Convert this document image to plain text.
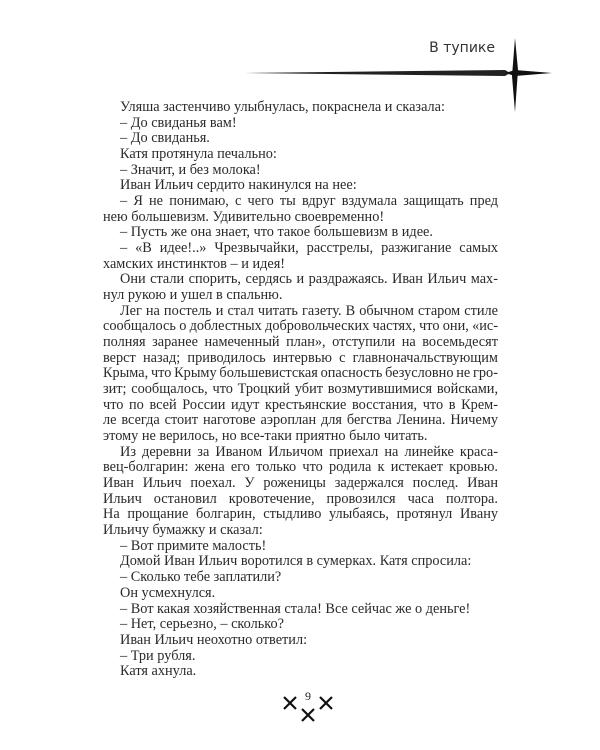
В тупике
Уляша застенчиво улыбнулась, покраснела и сказала:
– До свиданья вам!
– До свиданья.
Катя протянула печально:
– Значит, и без молока!
Иван Ильич сердито накинулся на нее:
– Я не понимаю, с чего ты вдруг вздумала защищать пред
нею большевизм. Удивительно своевременно!
– Пусть же она знает, что такое большевизм в идее.
– «В идее!..» Чрезвычайки, расстрелы, разжигание самых
хамских инстинктов – и идея!
Они стали спорить, сердясь и раздражаясь. Иван Ильич мах-
нул рукою и ушел в спальню.
Лег на постель и стал читать газету. В обычном старом стиле
сообщалось о доблестных добровольческих частях, что они, «ис-
полняя заранее намеченный план», отступили на восемьдесят
верст назад; приводилось интервью с главноначальствующим
Крыма, что Крыму большевистская опасность безусловно не гро-
зит; сообщалось, что Троцкий убит возмутившимися войсками,
что по всей России идут крестьянские восстания, что в Крем-
ле всегда стоит наготове аэроплан для бегства Ленина. Ничему
этому не верилось, но все-таки приятно было читать.
Из деревни за Иваном Ильичом приехал на линейке краса-
вец-болгарин: жена его только что родила к истекает кровью.
Иван Ильич поехал. У роженицы задержался послед. Иван
Ильич остановил кровотечение, провозился часа полтора.
На прощание болгарин, стыдливо улыбаясь, протянул Ивану
Ильичу бумажку и сказал:
– Вот примите малость!
Домой Иван Ильич воротился в сумерках. Катя спросила:
– Сколько тебе заплатили?
Он усмехнулся.
– Вот какая хозяйственная стала! Все сейчас же о деньге!
– Нет, серьезно, – сколько?
Иван Ильич неохотно ответил:
– Три рубля.
Катя ахнула.
9
